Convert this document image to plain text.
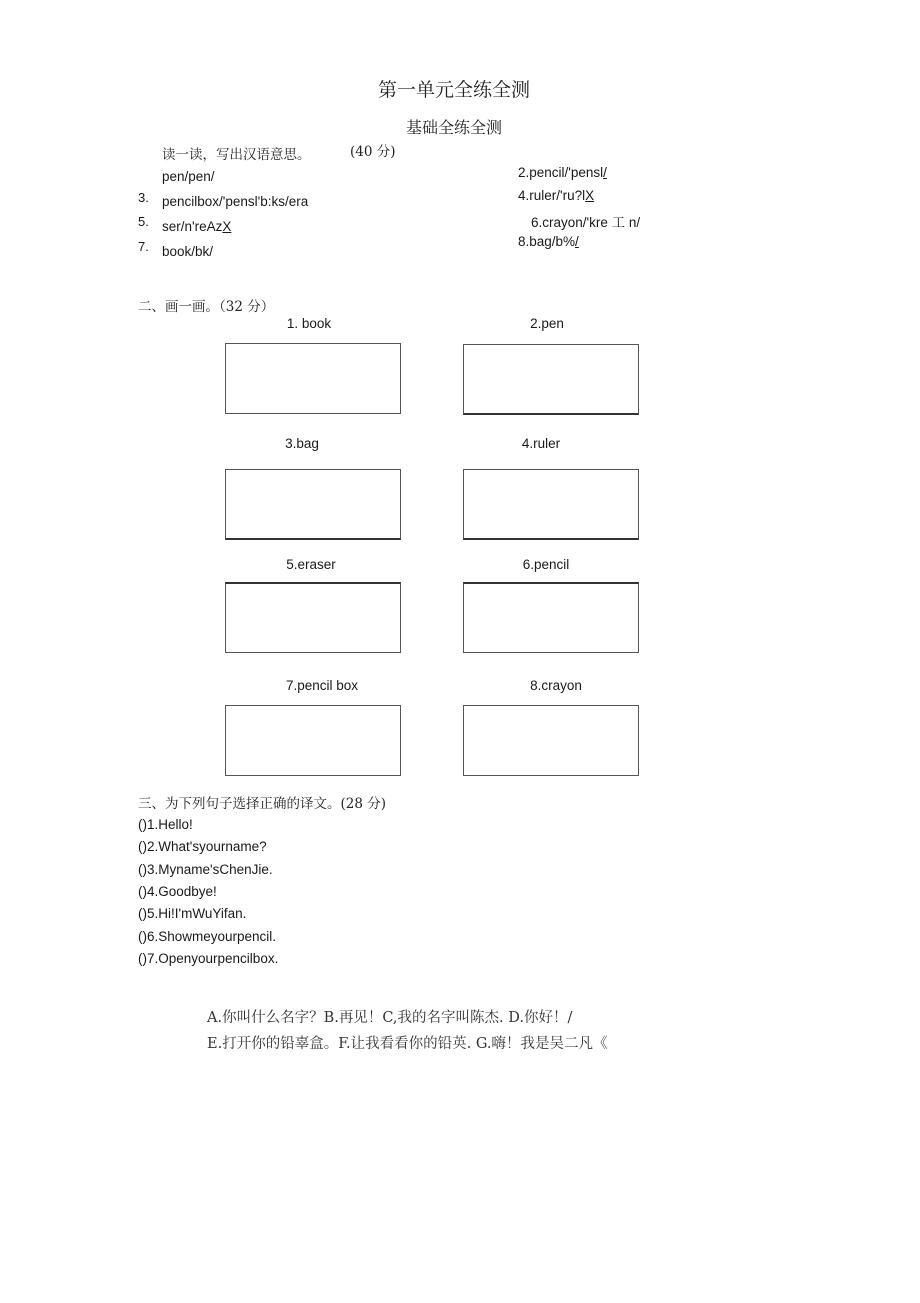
第一单元全练全测
基础全练全测
读一读，写出汉语意思。	(40 分)
pen/pen/	2.pencil/'pensl/
3. pencilbox/'pensl'b:ks/era	4.ruler/'ru?lX
5. ser/n'reAzX	6.crayon/'kre 工 n/
7. book/bk/
8.bag/b%/
二、画一画。（32 分）
1. book	2.pen
3.bag	4.ruler
5.eraser	6.pencil
7.pencil box	8.crayon
三、为下列句子选择正确的译文。(28 分)
()1.Hello!
()2.What'syourname?
()3.Myname'sChenJie.
()4.Goodbye!
()5.Hi!I'mWuYifan.
()6.Showmeyourpencil.
()7.Openyourpencilbox.
A.你叫什么名字？B.再见！C,我的名字叫陈杰. D.你好！/
E.打开你的铅辜盒。F.让我看看你的铅英. G.嗨！我是吴二凡《
